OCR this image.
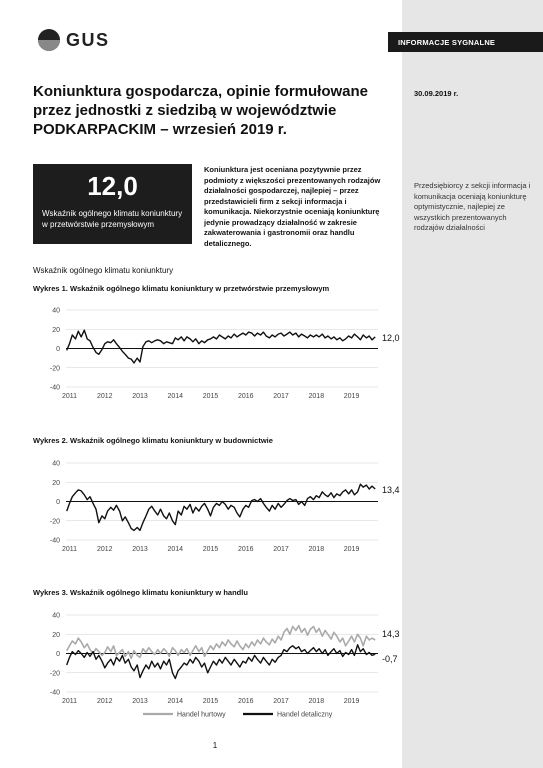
INFORMACJE SYGNALNE
GUS
Koniunktura gospodarcza, opinie formułowane przez jednostki z siedzibą w województwie PODKARPACKIM – wrzesień 2019 r.
30.09.2019 r.
12,0
Wskaźnik ogólnego klimatu koniunktury w przetwórstwie przemysłowym

Koniunktura jest oceniana pozytywnie przez podmioty z większości prezentowanych rodzajów działalności gospodarczej, najlepiej – przez przedstawicieli firm z sekcji informacja i komunikacja. Niekorzystnie oceniają koniunkturę jedynie prowadzący działalność w zakresie zakwaterowania i gastronomii oraz handlu detalicznego.

Przedsiębiorcy z sekcji informacja i komunikacja oceniają koniunkturę optymistycznie, najlepiej ze wszystkich prezentowanych rodzajów działalności

Wskaźnik ogólnego klimatu koniunktury
Wykres 1. Wskaźnik ogólnego klimatu koniunktury w przetwórstwie przemysłowym
-40
-20
0
20
40
2011	2012	2013	2014	2015	2016	2017	2018	2019
12,0
Wykres 2. Wskaźnik ogólnego klimatu koniunktury w budownictwie
-40
-20
0
20
40
2011	2012	2013	2014	2015	2016	2017	2018	2019
13,4
Wykres 3. Wskaźnik ogólnego klimatu koniunktury w handlu
-40
-20
0
20
40
2011	2012	2013	2014	2015	2016	2017	2018	2019
14,3
-0,7
Handel hurtowy	Handel detaliczny
1
